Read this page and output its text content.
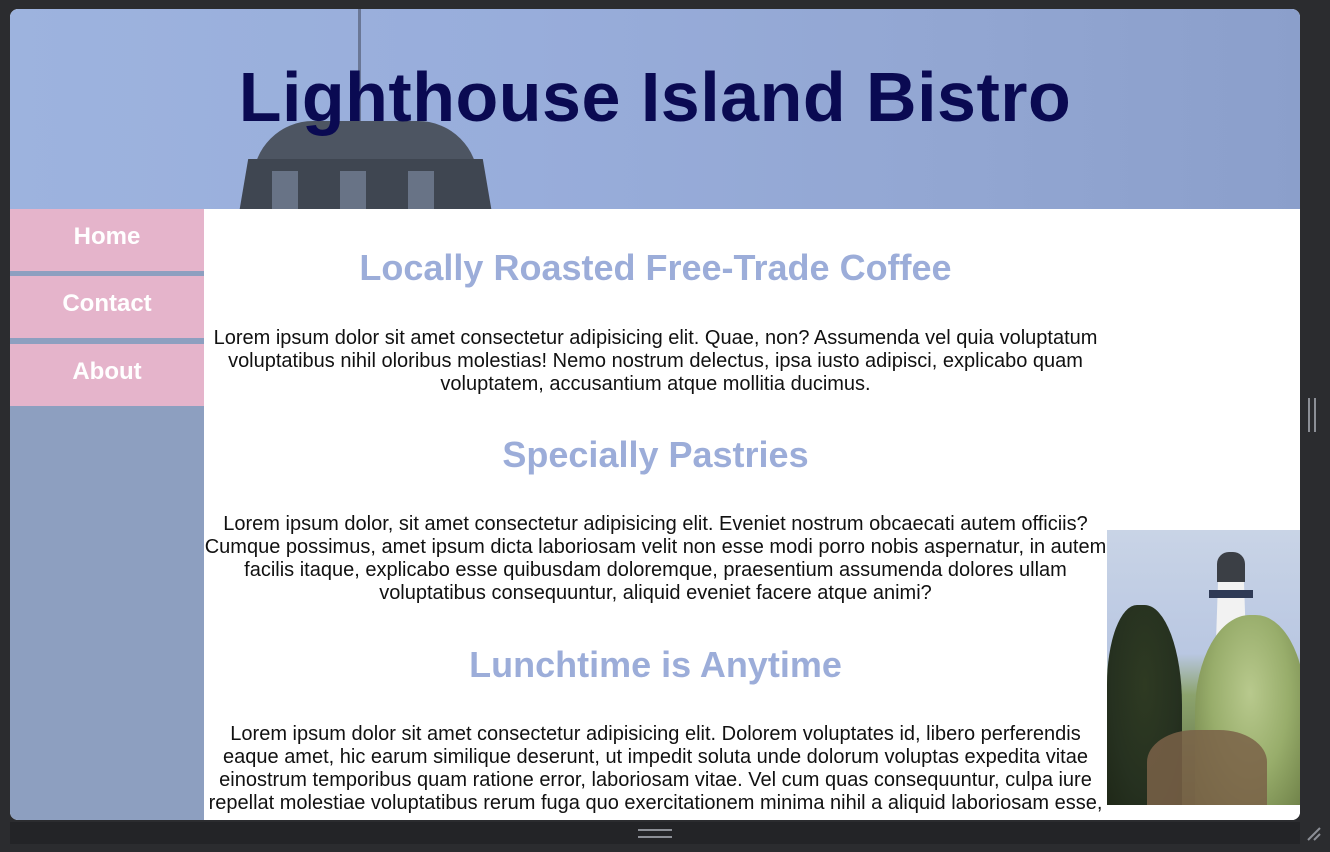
Lighthouse Island Bistro
Home
Contact
About
Locally Roasted Free-Trade Coffee

Lorem ipsum dolor sit amet consectetur adipisicing elit. Quae, non? Assumenda vel quia voluptatum voluptatibus nihil oloribus molestias! Nemo nostrum delectus, ipsa iusto adipisci, explicabo quam voluptatem, accusantium atque mollitia ducimus.

Specially Pastries

Lorem ipsum dolor, sit amet consectetur adipisicing elit. Eveniet nostrum obcaecati autem officiis? Cumque possimus, amet ipsum dicta laboriosam velit non esse modi porro nobis aspernatur, in autem facilis itaque, explicabo esse quibusdam doloremque, praesentium assumenda dolores ullam voluptatibus consequuntur, aliquid eveniet facere atque animi?

Lunchtime is Anytime

Lorem ipsum dolor sit amet consectetur adipisicing elit. Dolorem voluptates id, libero perferendis eaque amet, hic earum similique deserunt, ut impedit soluta unde dolorum voluptas expedita vitae einostrum temporibus quam ratione error, laboriosam vitae. Vel cum quas consequuntur, culpa iure repellat molestiae voluptatibus rerum fuga quo exercitationem minima nihil a aliquid laboriosam esse,
